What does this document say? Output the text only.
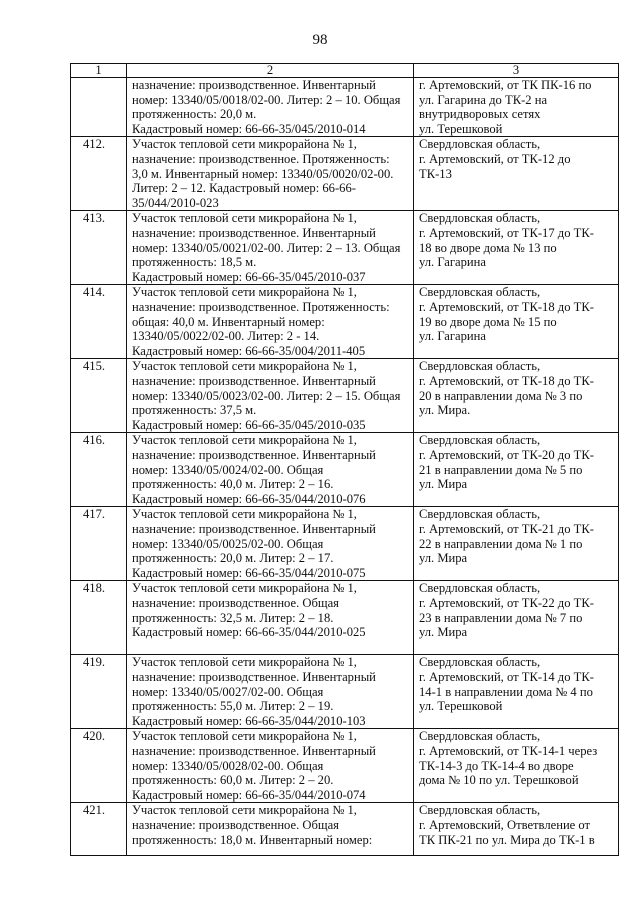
98
1	2	3
	назначение: производственное. Инвентарный
номер: 13340/05/0018/02-00. Литер: 2 – 10. Общая
протяженность: 20,0 м.
Кадастровый номер: 66-66-35/045/2010-014	г. Артемовский, от ТК ПК-16 по
ул. Гагарина до ТК-2 на
внутридворовых сетях
ул. Терешковой
412.	Участок тепловой сети микрорайона № 1,
назначение: производственное. Протяженность:
3,0 м. Инвентарный номер: 13340/05/0020/02-00.
Литер: 2 – 12. Кадастровый номер: 66-66-
35/044/2010-023	Свердловская область,
г. Артемовский, от ТК-12 до
ТК-13
413.	Участок тепловой сети микрорайона № 1,
назначение: производственное. Инвентарный
номер: 13340/05/0021/02-00. Литер: 2 – 13. Общая
протяженность: 18,5 м.
Кадастровый номер: 66-66-35/045/2010-037	Свердловская область,
г. Артемовский, от ТК-17 до ТК-
18 во дворе дома № 13 по
ул. Гагарина
414.	Участок тепловой сети микрорайона № 1,
назначение: производственное. Протяженность:
общая: 40,0 м. Инвентарный номер:
13340/05/0022/02-00. Литер: 2 - 14.
Кадастровый номер: 66-66-35/004/2011-405	Свердловская область,
г. Артемовский, от ТК-18 до ТК-
19 во дворе дома № 15 по
ул. Гагарина
415.	Участок тепловой сети микрорайона № 1,
назначение: производственное. Инвентарный
номер: 13340/05/0023/02-00. Литер: 2 – 15. Общая
протяженность: 37,5 м.
Кадастровый номер: 66-66-35/045/2010-035	Свердловская область,
г. Артемовский, от ТК-18 до ТК-
20 в направлении дома № 3 по
ул. Мира.
416.	Участок тепловой сети микрорайона № 1,
назначение: производственное. Инвентарный
номер: 13340/05/0024/02-00. Общая
протяженность: 40,0 м. Литер: 2 – 16.
Кадастровый номер: 66-66-35/044/2010-076	Свердловская область,
г. Артемовский, от ТК-20 до ТК-
21 в направлении дома № 5 по
ул. Мира
417.	Участок тепловой сети микрорайона № 1,
назначение: производственное. Инвентарный
номер: 13340/05/0025/02-00. Общая
протяженность: 20,0 м. Литер: 2 – 17.
Кадастровый номер: 66-66-35/044/2010-075	Свердловская область,
г. Артемовский, от ТК-21 до ТК-
22 в направлении дома № 1 по
ул. Мира
418.	Участок тепловой сети микрорайона № 1,
назначение: производственное. Общая
протяженность: 32,5 м. Литер: 2 – 18.
Кадастровый номер: 66-66-35/044/2010-025	Свердловская область,
г. Артемовский, от ТК-22 до ТК-
23 в направлении дома № 7 по
ул. Мира
419.	Участок тепловой сети микрорайона № 1,
назначение: производственное. Инвентарный
номер: 13340/05/0027/02-00. Общая
протяженность: 55,0 м. Литер: 2 – 19.
Кадастровый номер: 66-66-35/044/2010-103	Свердловская область,
г. Артемовский, от ТК-14 до ТК-
14-1 в направлении дома № 4 по
ул. Терешковой
420.	Участок тепловой сети микрорайона № 1,
назначение: производственное. Инвентарный
номер: 13340/05/0028/02-00. Общая
протяженность: 60,0 м. Литер: 2 – 20.
Кадастровый номер: 66-66-35/044/2010-074	Свердловская область,
г. Артемовский, от ТК-14-1 через
ТК-14-3 до ТК-14-4 во дворе
дома № 10 по ул. Терешковой
421.	Участок тепловой сети микрорайона № 1,
назначение: производственное. Общая
протяженность: 18,0 м. Инвентарный номер:	Свердловская область,
г. Артемовский, Ответвление от
ТК ПК-21 по ул. Мира до ТК-1 в
